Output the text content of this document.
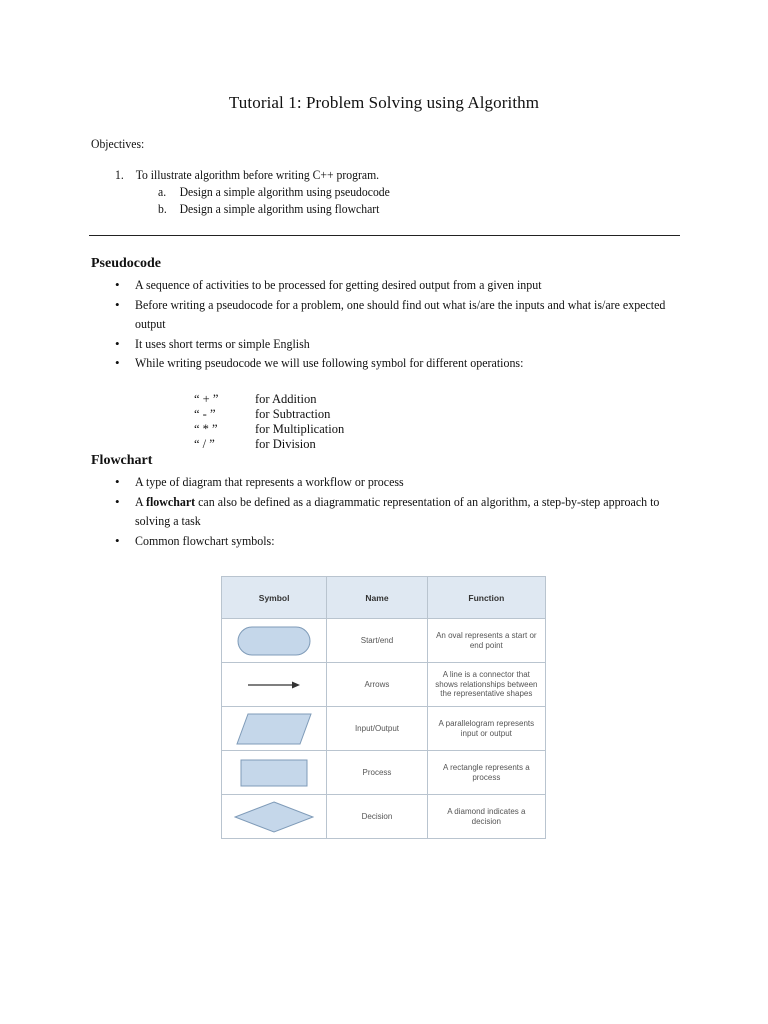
Tutorial 1: Problem Solving using Algorithm
Objectives:
1. To illustrate algorithm before writing C++ program.
a. Design a simple algorithm using pseudocode
b. Design a simple algorithm using flowchart
Pseudocode
• A sequence of activities to be processed for getting desired output from a given input
• Before writing a pseudocode for a problem, one should find out what is/are the inputs and what is/are expected output
• It uses short terms or simple English
• While writing pseudocode we will use following symbol for different operations:
“ + ”	for Addition
“ - ”	for Subtraction
“ * ”	for Multiplication
“ / ”	for Division
Flowchart
• A type of diagram that represents a workflow or process
• A flowchart can also be defined as a diagrammatic representation of an algorithm, a step-by-step approach to solving a task
• Common flowchart symbols:
Symbol	Name	Function

	Start/end	An oval represents a start or end point

	Arrows	A line is a connector that shows relationships between the representative shapes

	Input/Output	A parallelogram represents input or output

	Process	A rectangle represents a process

	Decision	A diamond indicates a decision
